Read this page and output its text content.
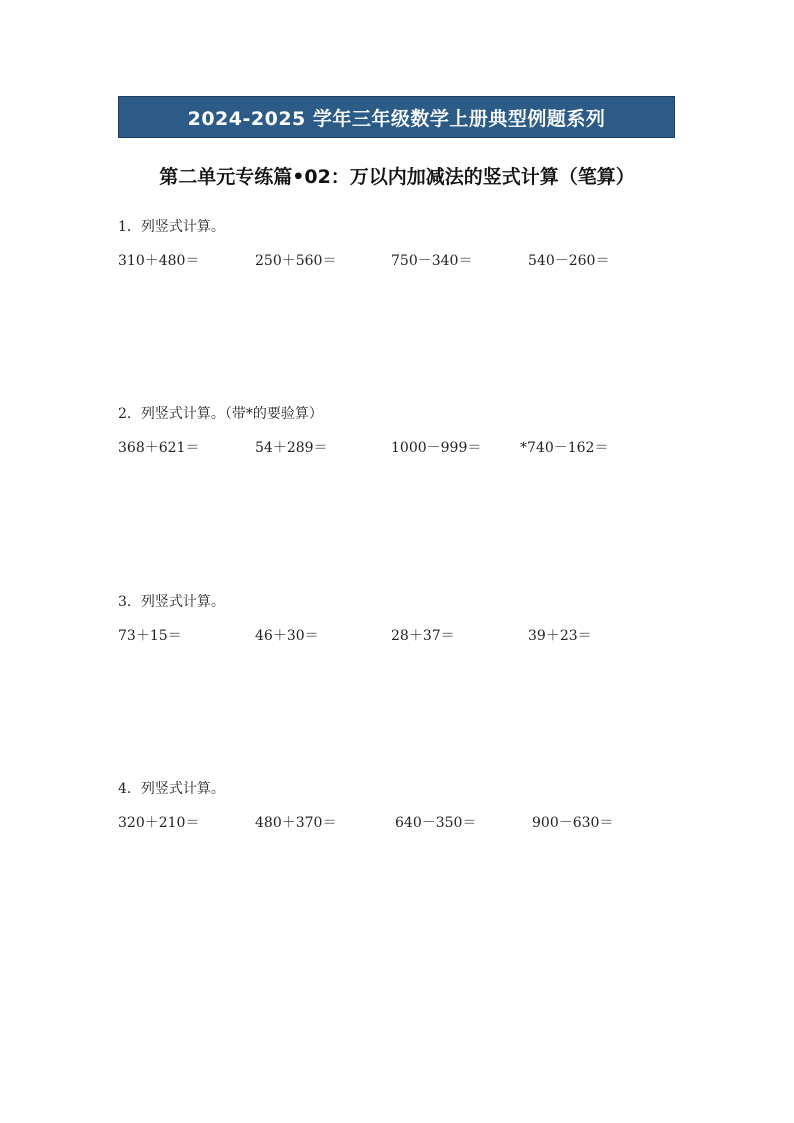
2024-2025 学年三年级数学上册典型例题系列
第二单元专练篇•02：万以内加减法的竖式计算（笔算）
1．列竖式计算。
310＋480＝	250＋560＝	750－340＝	540－260＝
2．列竖式计算。（带*的要验算）
368＋621＝	54＋289＝	1000－999＝	*740－162＝
3．列竖式计算。
73＋15＝	46＋30＝	28＋37＝	39＋23＝
4．列竖式计算。
320＋210＝	480＋370＝	640－350＝	900－630＝
